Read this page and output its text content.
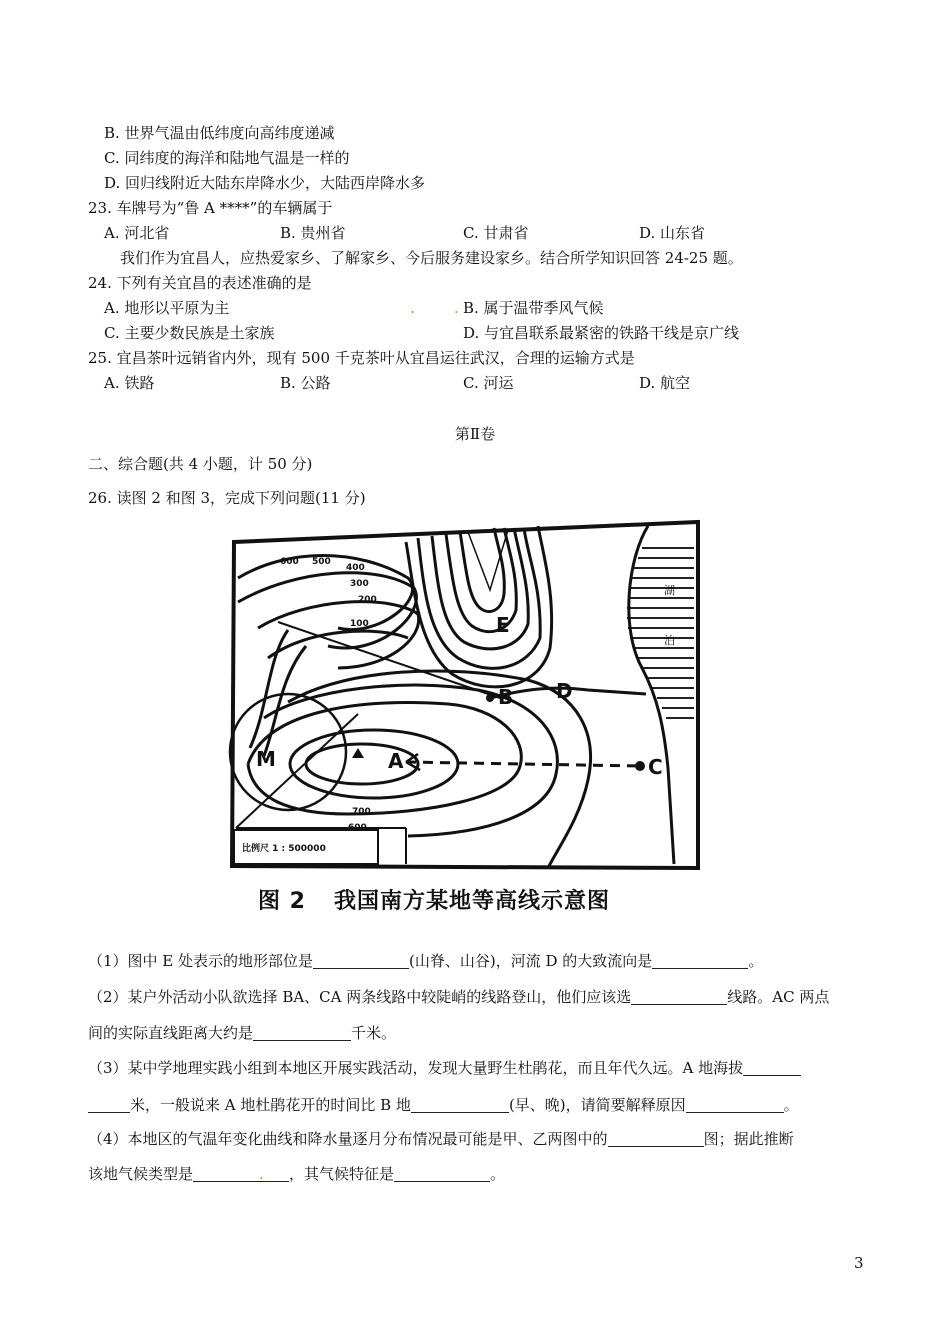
B. 世界气温由低纬度向高纬度递减
C. 同纬度的海洋和陆地气温是一样的
D. 回归线附近大陆东岸降水少，大陆西岸降水多
23. 车牌号为“鲁 A ****”的车辆属于
A. 河北省	B. 贵州省	C. 甘肃省	D. 山东省
我们作为宜昌人，应热爱家乡、了解家乡、今后服务建设家乡。结合所学知识回答 24-25 题。
24. 下列有关宜昌的表述准确的是
A. 地形以平原为主	.	. B. 属于温带季风气候
C. 主要少数民族是土家族	D. 与宜昌联系最紧密的铁路干线是京广线
25. 宜昌茶叶远销省内外，现有 500 千克茶叶从宜昌运往武汉，合理的运输方式是
A. 铁路	B. 公路	C. 河运	D. 航空
第Ⅱ卷
二、综合题(共 4 小题，计 50 分)
26. 读图 2 和图 3，完成下列问题(11 分)
湖
泊
比例尺 1 : 500000
600 500
400
300
200
100
700
600
E
B D
C
M	A
图 2 我国南方某地等高线示意图
（1）图中 E 处表示的地形部位是	(山脊、山谷)，河流 D 的大致流向是	。
（2）某户外活动小队欲选择 BA、CA 两条线路中较陡峭的线路登山，他们应该选	线路。AC 两点
间的实际直线距离大约是	千米。
（3）某中学地理实践小组到本地区开展实践活动，发现大量野生杜鹃花，而且年代久远。A 地海拔
米，一般说来 A 地杜鹃花开的时间比 B 地	(早、晚)，请简要解释原因	。
（4）本地区的气温年变化曲线和降水量逐月分布情况最可能是甲、乙两图中的	图；据此推断
该地气候类型是	. ，其气候特征是	。
3
